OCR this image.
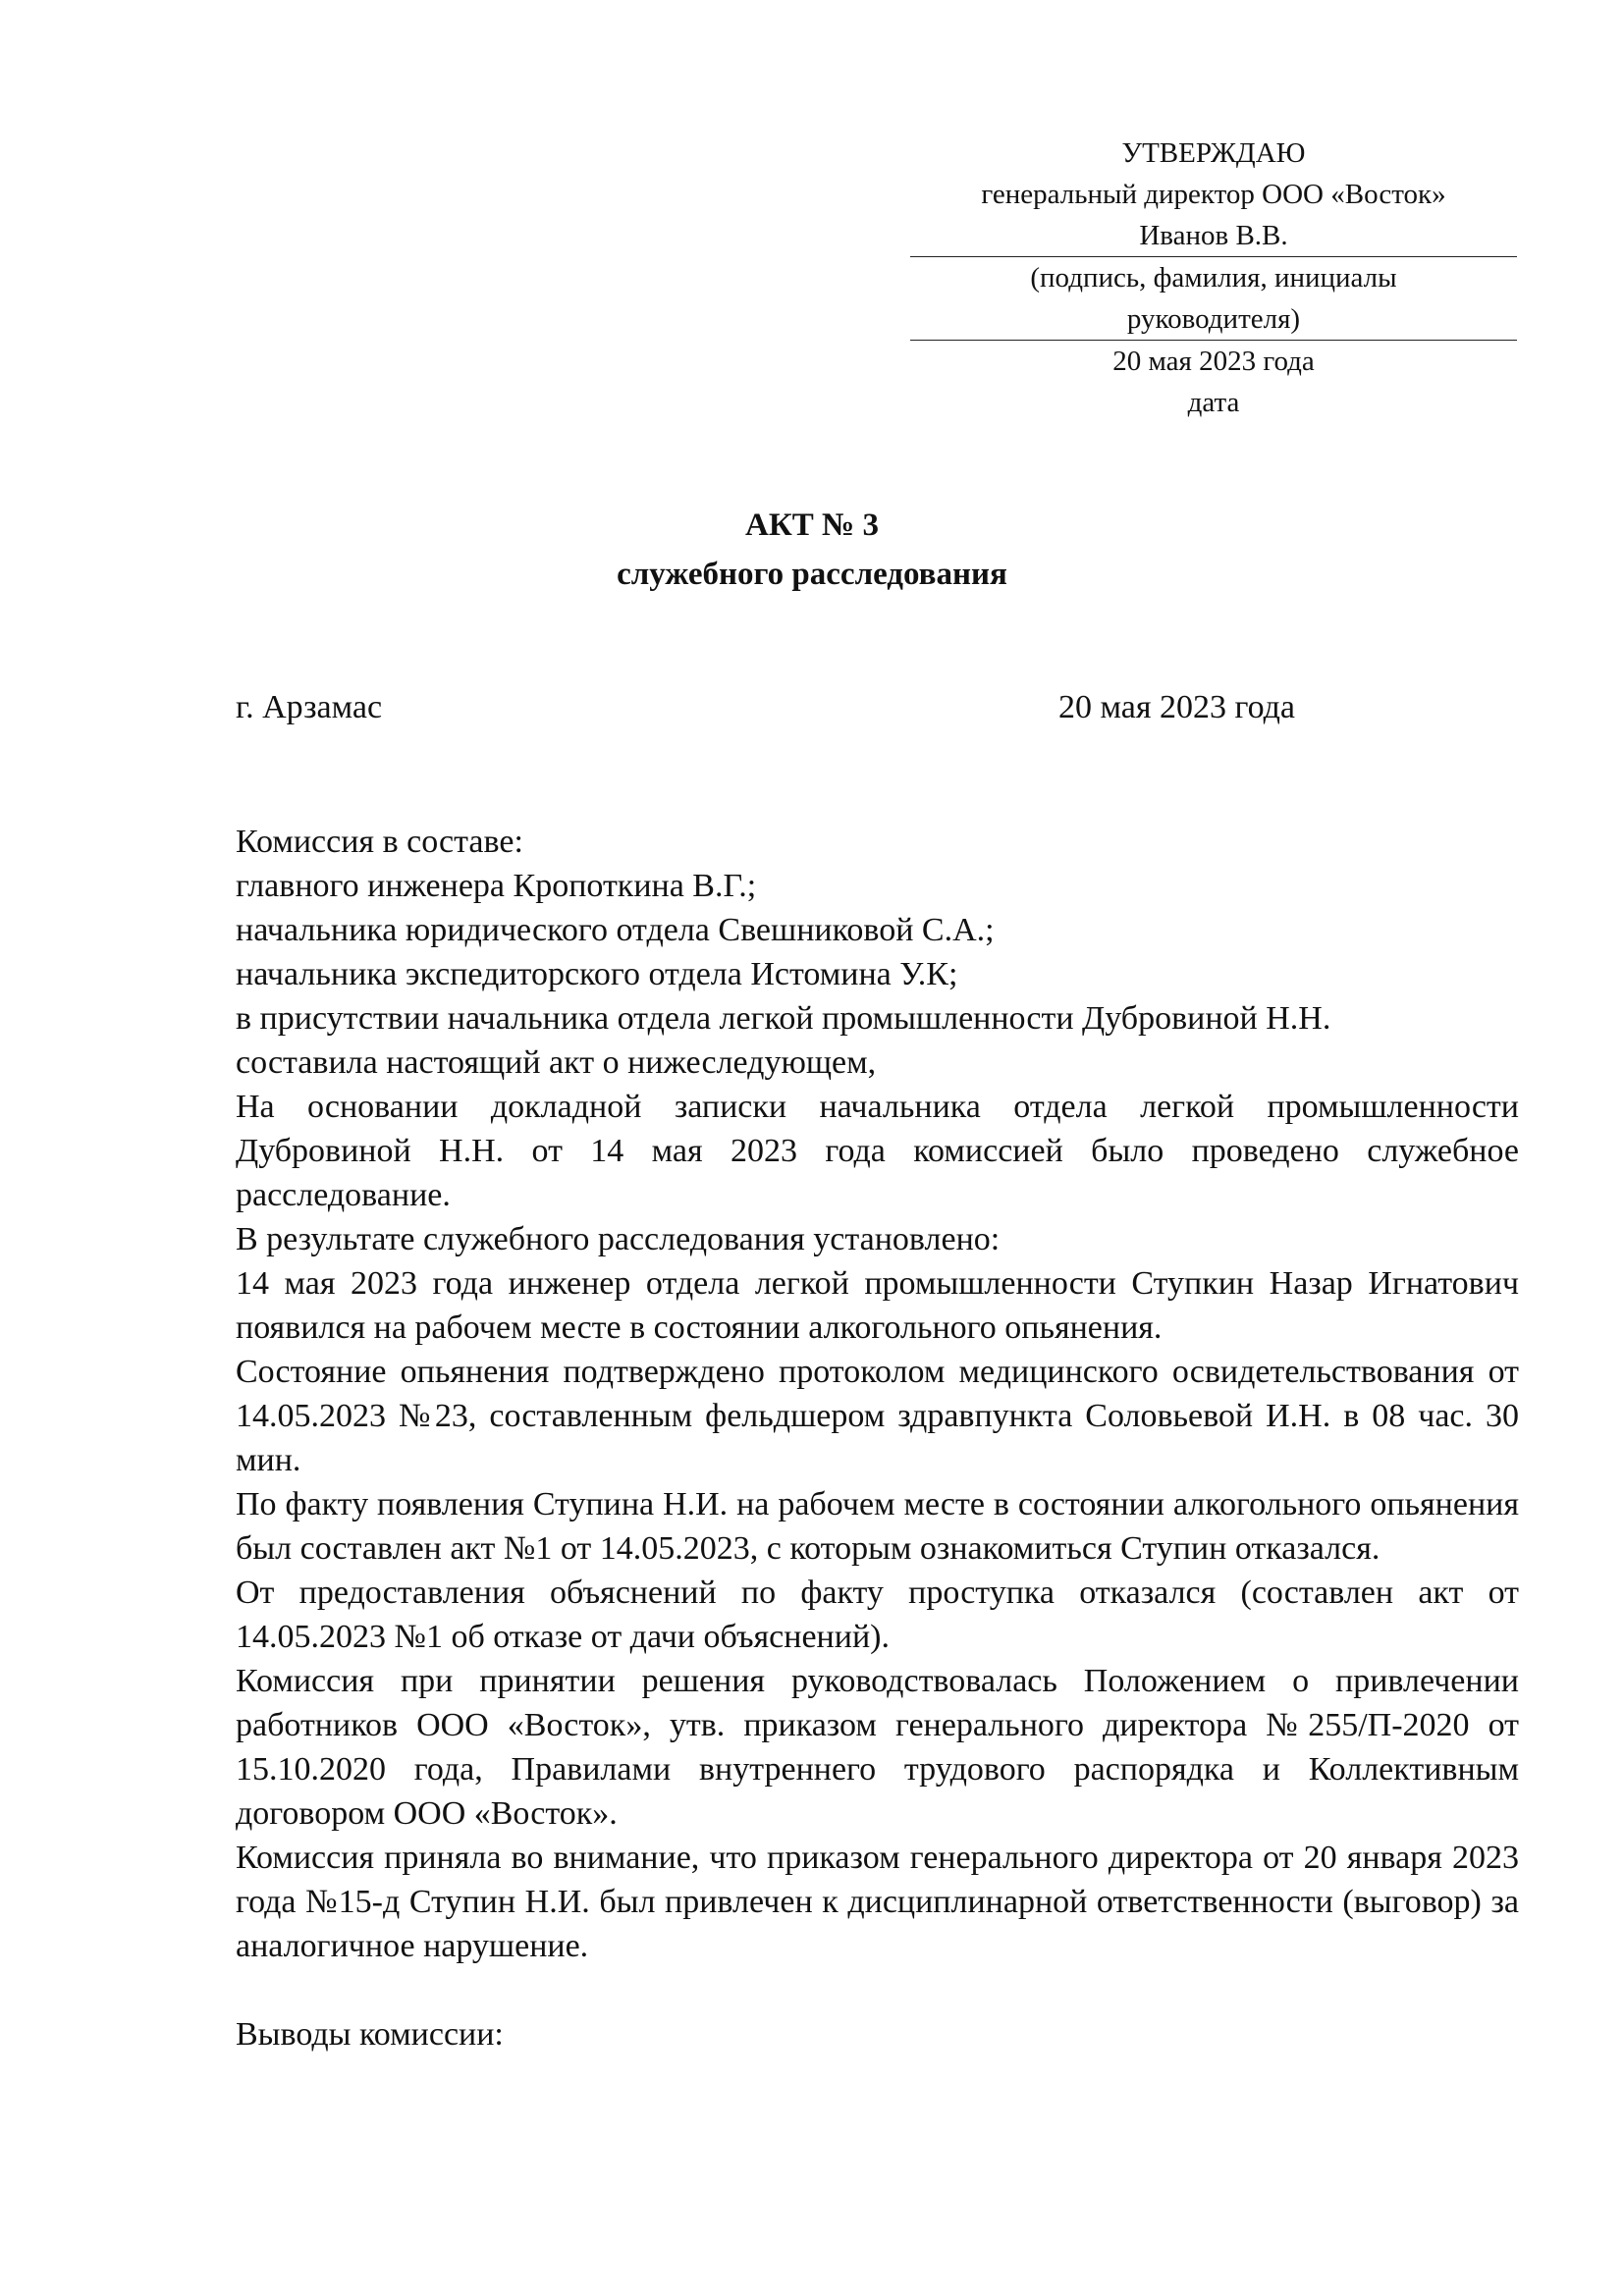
УТВЕРЖДАЮ
генеральный директор ООО «Восток»
Иванов В.В.
(подпись, фамилия, инициалы
руководителя)
20 мая 2023 года
дата
АКТ № 3
служебного расследования
г. Арзамас	20 мая 2023 года

Комиссия в составе:

главного инженера Кропоткина В.Г.;

начальника юридического отдела Свешниковой С.А.;

начальника экспедиторского отдела Истомина У.К;

в присутствии начальника отдела легкой промышленности Дубровиной Н.Н.

составила настоящий акт о нижеследующем,

На основании докладной записки начальника отдела легкой промышленности Дубровиной Н.Н. от 14 мая 2023 года комиссией было проведено служебное расследование.

В результате служебного расследования установлено:

14 мая 2023 года инженер отдела легкой промышленности Ступкин Назар Игнатович появился на рабочем месте в состоянии алкогольного опьянения.

Состояние опьянения подтверждено протоколом медицинского освидетельствования от 14.05.2023 №23, составленным фельдшером здравпункта Соловьевой И.Н. в 08 час. 30 мин.

По факту появления Ступина Н.И. на рабочем месте в состоянии алкогольного опьянения был составлен акт №1 от 14.05.2023, с которым ознакомиться Ступин отказался.

От предоставления объяснений по факту проступка отказался (составлен акт от 14.05.2023 №1 об отказе от дачи объяснений).

Комиссия при принятии решения руководствовалась Положением о привлечении работников ООО «Восток», утв. приказом генерального директора №255/П-2020 от 15.10.2020 года, Правилами внутреннего трудового распорядка и Коллективным договором ООО «Восток».

Комиссия приняла во внимание, что приказом генерального директора от 20 января 2023 года №15-д Ступин Н.И. был привлечен к дисциплинарной ответственности (выговор) за аналогичное нарушение.

Выводы комиссии:
